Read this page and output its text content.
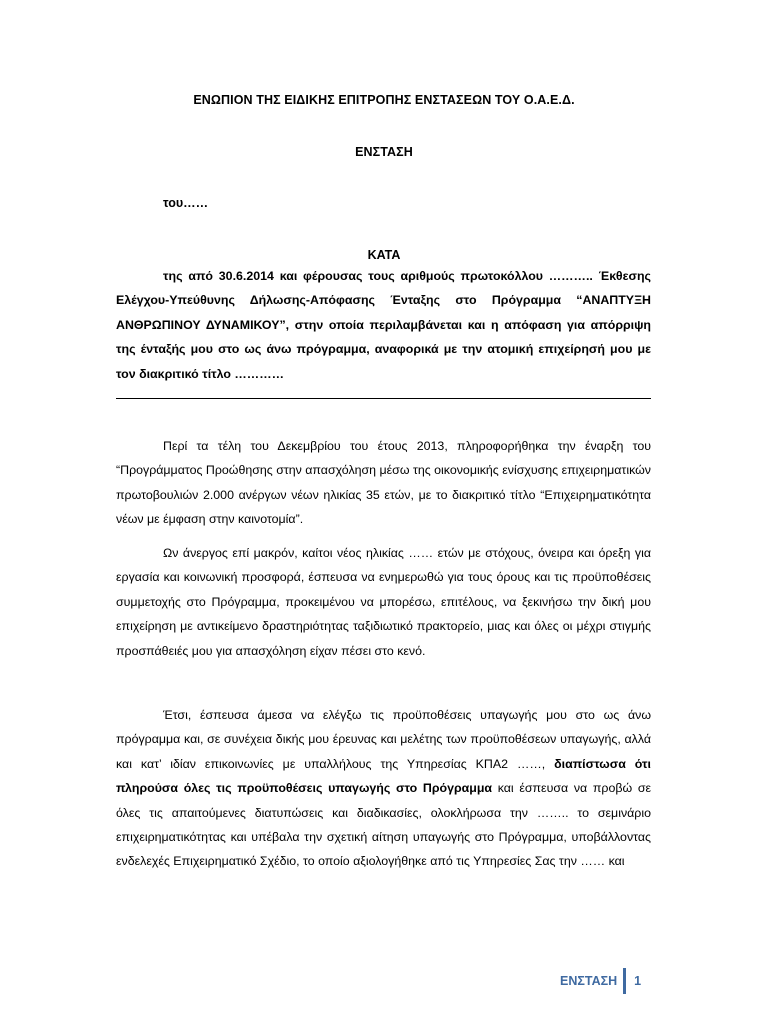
ΕΝΩΠΙΟΝ ΤΗΣ ΕΙΔΙΚΗΣ ΕΠΙΤΡΟΠΗΣ ΕΝΣΤΑΣΕΩΝ ΤΟΥ Ο.Α.Ε.Δ.
ΕΝΣΤΑΣΗ
του……
ΚΑΤΑ

της από 30.6.2014 και φέρουσας τους αριθμούς πρωτοκόλλου ……….. Έκθεσης Ελέγχου-Υπεύθυνης Δήλωσης-Απόφασης Ένταξης στο Πρόγραμμα “ΑΝΑΠΤΥΞΗ ΑΝΘΡΩΠΙΝΟΥ ΔΥΝΑΜΙΚΟΥ”, στην οποία περιλαμβάνεται και η απόφαση για απόρριψη της ένταξής μου στο ως άνω πρόγραμμα, αναφορικά με την ατομική επιχείρησή μου με τον διακριτικό τίτλο …………

Περί τα τέλη του Δεκεμβρίου του έτους 2013, πληροφορήθηκα την έναρξη του “Προγράμματος Προώθησης στην απασχόληση μέσω της οικονομικής ενίσχυσης επιχειρηματικών πρωτοβουλιών 2.000 ανέργων νέων ηλικίας 35 ετών, με το διακριτικό τίτλο “Επιχειρηματικότητα νέων με έμφαση στην καινοτομία”.

Ων άνεργος επί μακρόν, καίτοι νέος ηλικίας …… ετών με στόχους, όνειρα και όρεξη για εργασία και κοινωνική προσφορά, έσπευσα να ενημερωθώ για τους όρους και τις προϋποθέσεις συμμετοχής στο Πρόγραμμα, προκειμένου να μπορέσω, επιτέλους, να ξεκινήσω την δική μου επιχείρηση με αντικείμενο δραστηριότητας ταξιδιωτικό πρακτορείο, μιας και όλες οι μέχρι στιγμής προσπάθειές μου για απασχόληση είχαν πέσει στο κενό.

Έτσι, έσπευσα άμεσα να ελέγξω τις προϋποθέσεις υπαγωγής μου στο ως άνω πρόγραμμα και, σε συνέχεια δικής μου έρευνας και μελέτης των προϋποθέσεων υπαγωγής, αλλά και κατ’ ιδίαν επικοινωνίες με υπαλλήλους της Υπηρεσίας ΚΠΑ2 ……, διαπίστωσα ότι πληρούσα όλες τις προϋποθέσεις υπαγωγής στο Πρόγραμμα και έσπευσα να προβώ σε όλες τις απαιτούμενες διατυπώσεις και διαδικασίες, ολοκλήρωσα την …….. το σεμινάριο επιχειρηματικότητας και υπέβαλα την σχετική αίτηση υπαγωγής στο Πρόγραμμα, υποβάλλοντας ενδελεχές Επιχειρηματικό Σχέδιο, το οποίο αξιολογήθηκε από τις Υπηρεσίες Σας την …… και

ΕΝΣΤΑΣΗ 1
